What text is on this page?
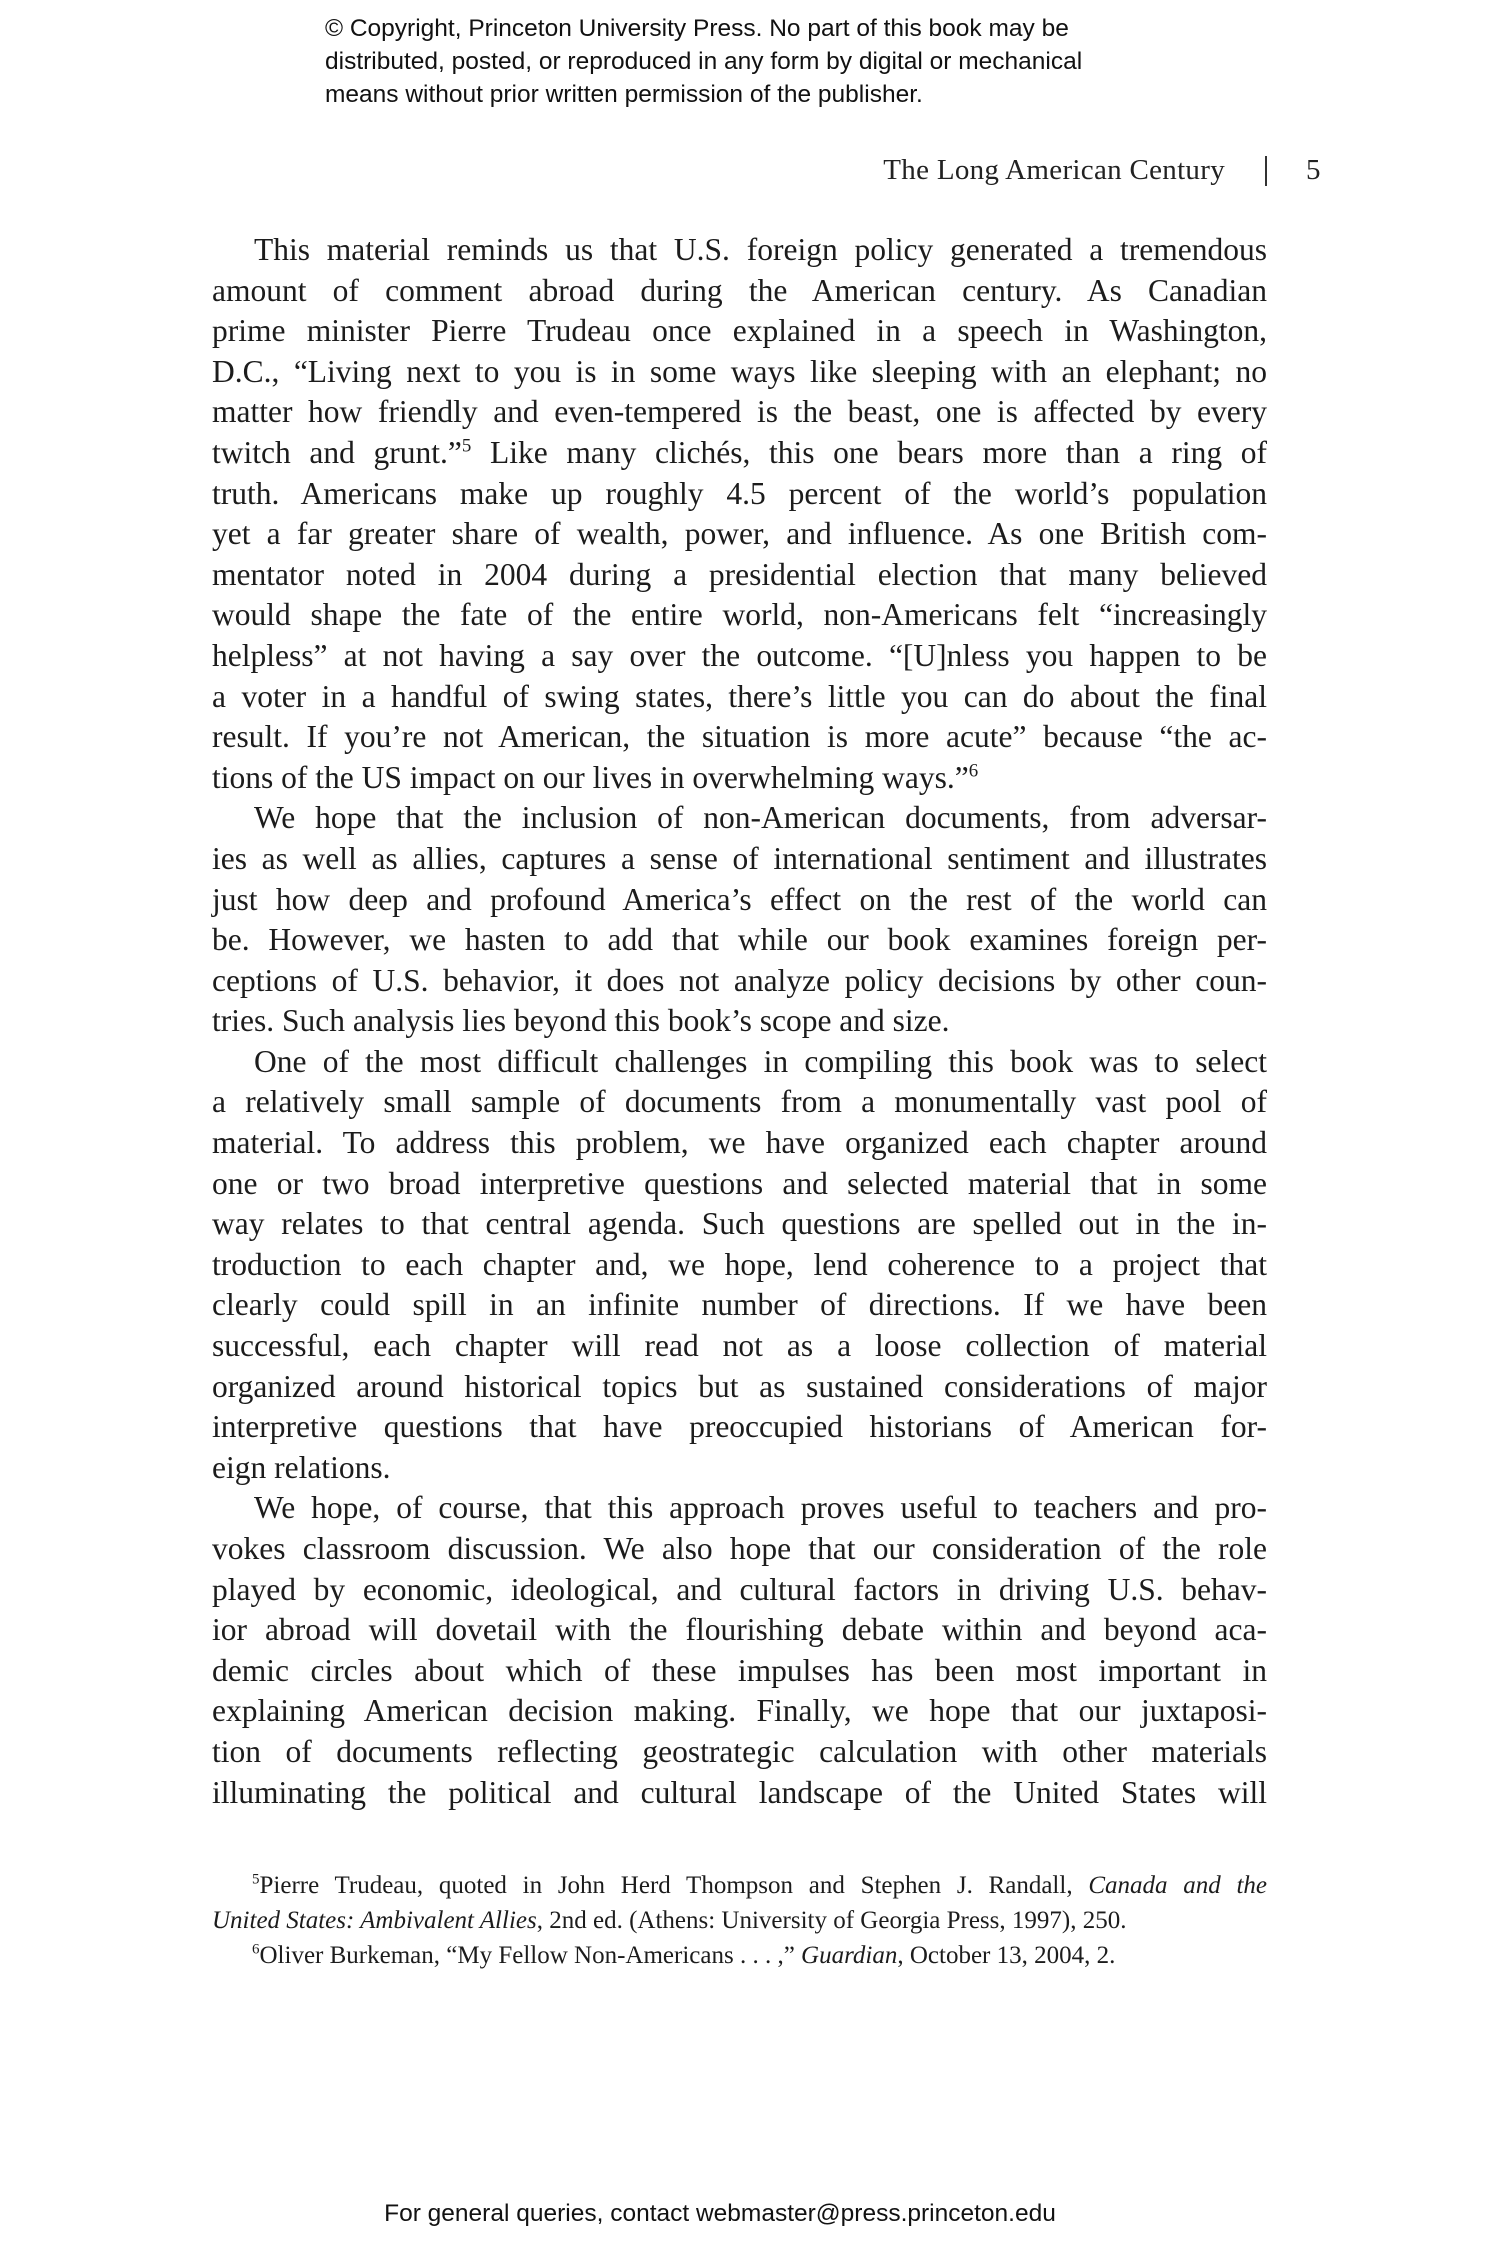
© Copyright, Princeton University Press. No part of this book may be
distributed, posted, or reproduced in any form by digital or mechanical
means without prior written permission of the publisher.
The Long American Century	5
This material reminds us that U.S. foreign policy generated a tremendous
amount of comment abroad during the American century. As Canadian
prime minister Pierre Trudeau once explained in a speech in Washington,
D.C., “Living next to you is in some ways like sleeping with an elephant; no
matter how friendly and even-tempered is the beast, one is affected by every
twitch and grunt.”$^5$ Like many clichés, this one bears more than a ring of
truth. Americans make up roughly 4.5 percent of the world’s population
yet a far greater share of wealth, power, and influence. As one British com-
mentator noted in 2004 during a presidential election that many believed
would shape the fate of the entire world, non-Americans felt “increasingly
helpless” at not having a say over the outcome. “[U]nless you happen to be
a voter in a handful of swing states, there’s little you can do about the final
result. If you’re not American, the situation is more acute” because “the ac-
tions of the US impact on our lives in overwhelming ways.”$^6$
We hope that the inclusion of non-American documents, from adversar-
ies as well as allies, captures a sense of international sentiment and illustrates
just how deep and profound America’s effect on the rest of the world can
be. However, we hasten to add that while our book examines foreign per-
ceptions of U.S. behavior, it does not analyze policy decisions by other coun-
tries. Such analysis lies beyond this book’s scope and size.
One of the most difficult challenges in compiling this book was to select
a relatively small sample of documents from a monumentally vast pool of
material. To address this problem, we have organized each chapter around
one or two broad interpretive questions and selected material that in some
way relates to that central agenda. Such questions are spelled out in the in-
troduction to each chapter and, we hope, lend coherence to a project that
clearly could spill in an infinite number of directions. If we have been
successful, each chapter will read not as a loose collection of material
organized around historical topics but as sustained considerations of major
interpretive questions that have preoccupied historians of American for-
eign relations.
We hope, of course, that this approach proves useful to teachers and pro-
vokes classroom discussion. We also hope that our consideration of the role
played by economic, ideological, and cultural factors in driving U.S. behav-
ior abroad will dovetail with the flourishing debate within and beyond aca-
demic circles about which of these impulses has been most important in
explaining American decision making. Finally, we hope that our juxtaposi-
tion of documents reflecting geostrategic calculation with other materials
illuminating the political and cultural landscape of the United States will
$^5$Pierre Trudeau, quoted in John Herd Thompson and Stephen J. Randall, Canada and the
United States: Ambivalent Allies, 2nd ed. (Athens: University of Georgia Press, 1997), 250.
$^6$Oliver Burkeman, “My Fellow Non-Americans . . . ,” Guardian, October 13, 2004, 2.
For general queries, contact webmaster@press.princeton.edu
